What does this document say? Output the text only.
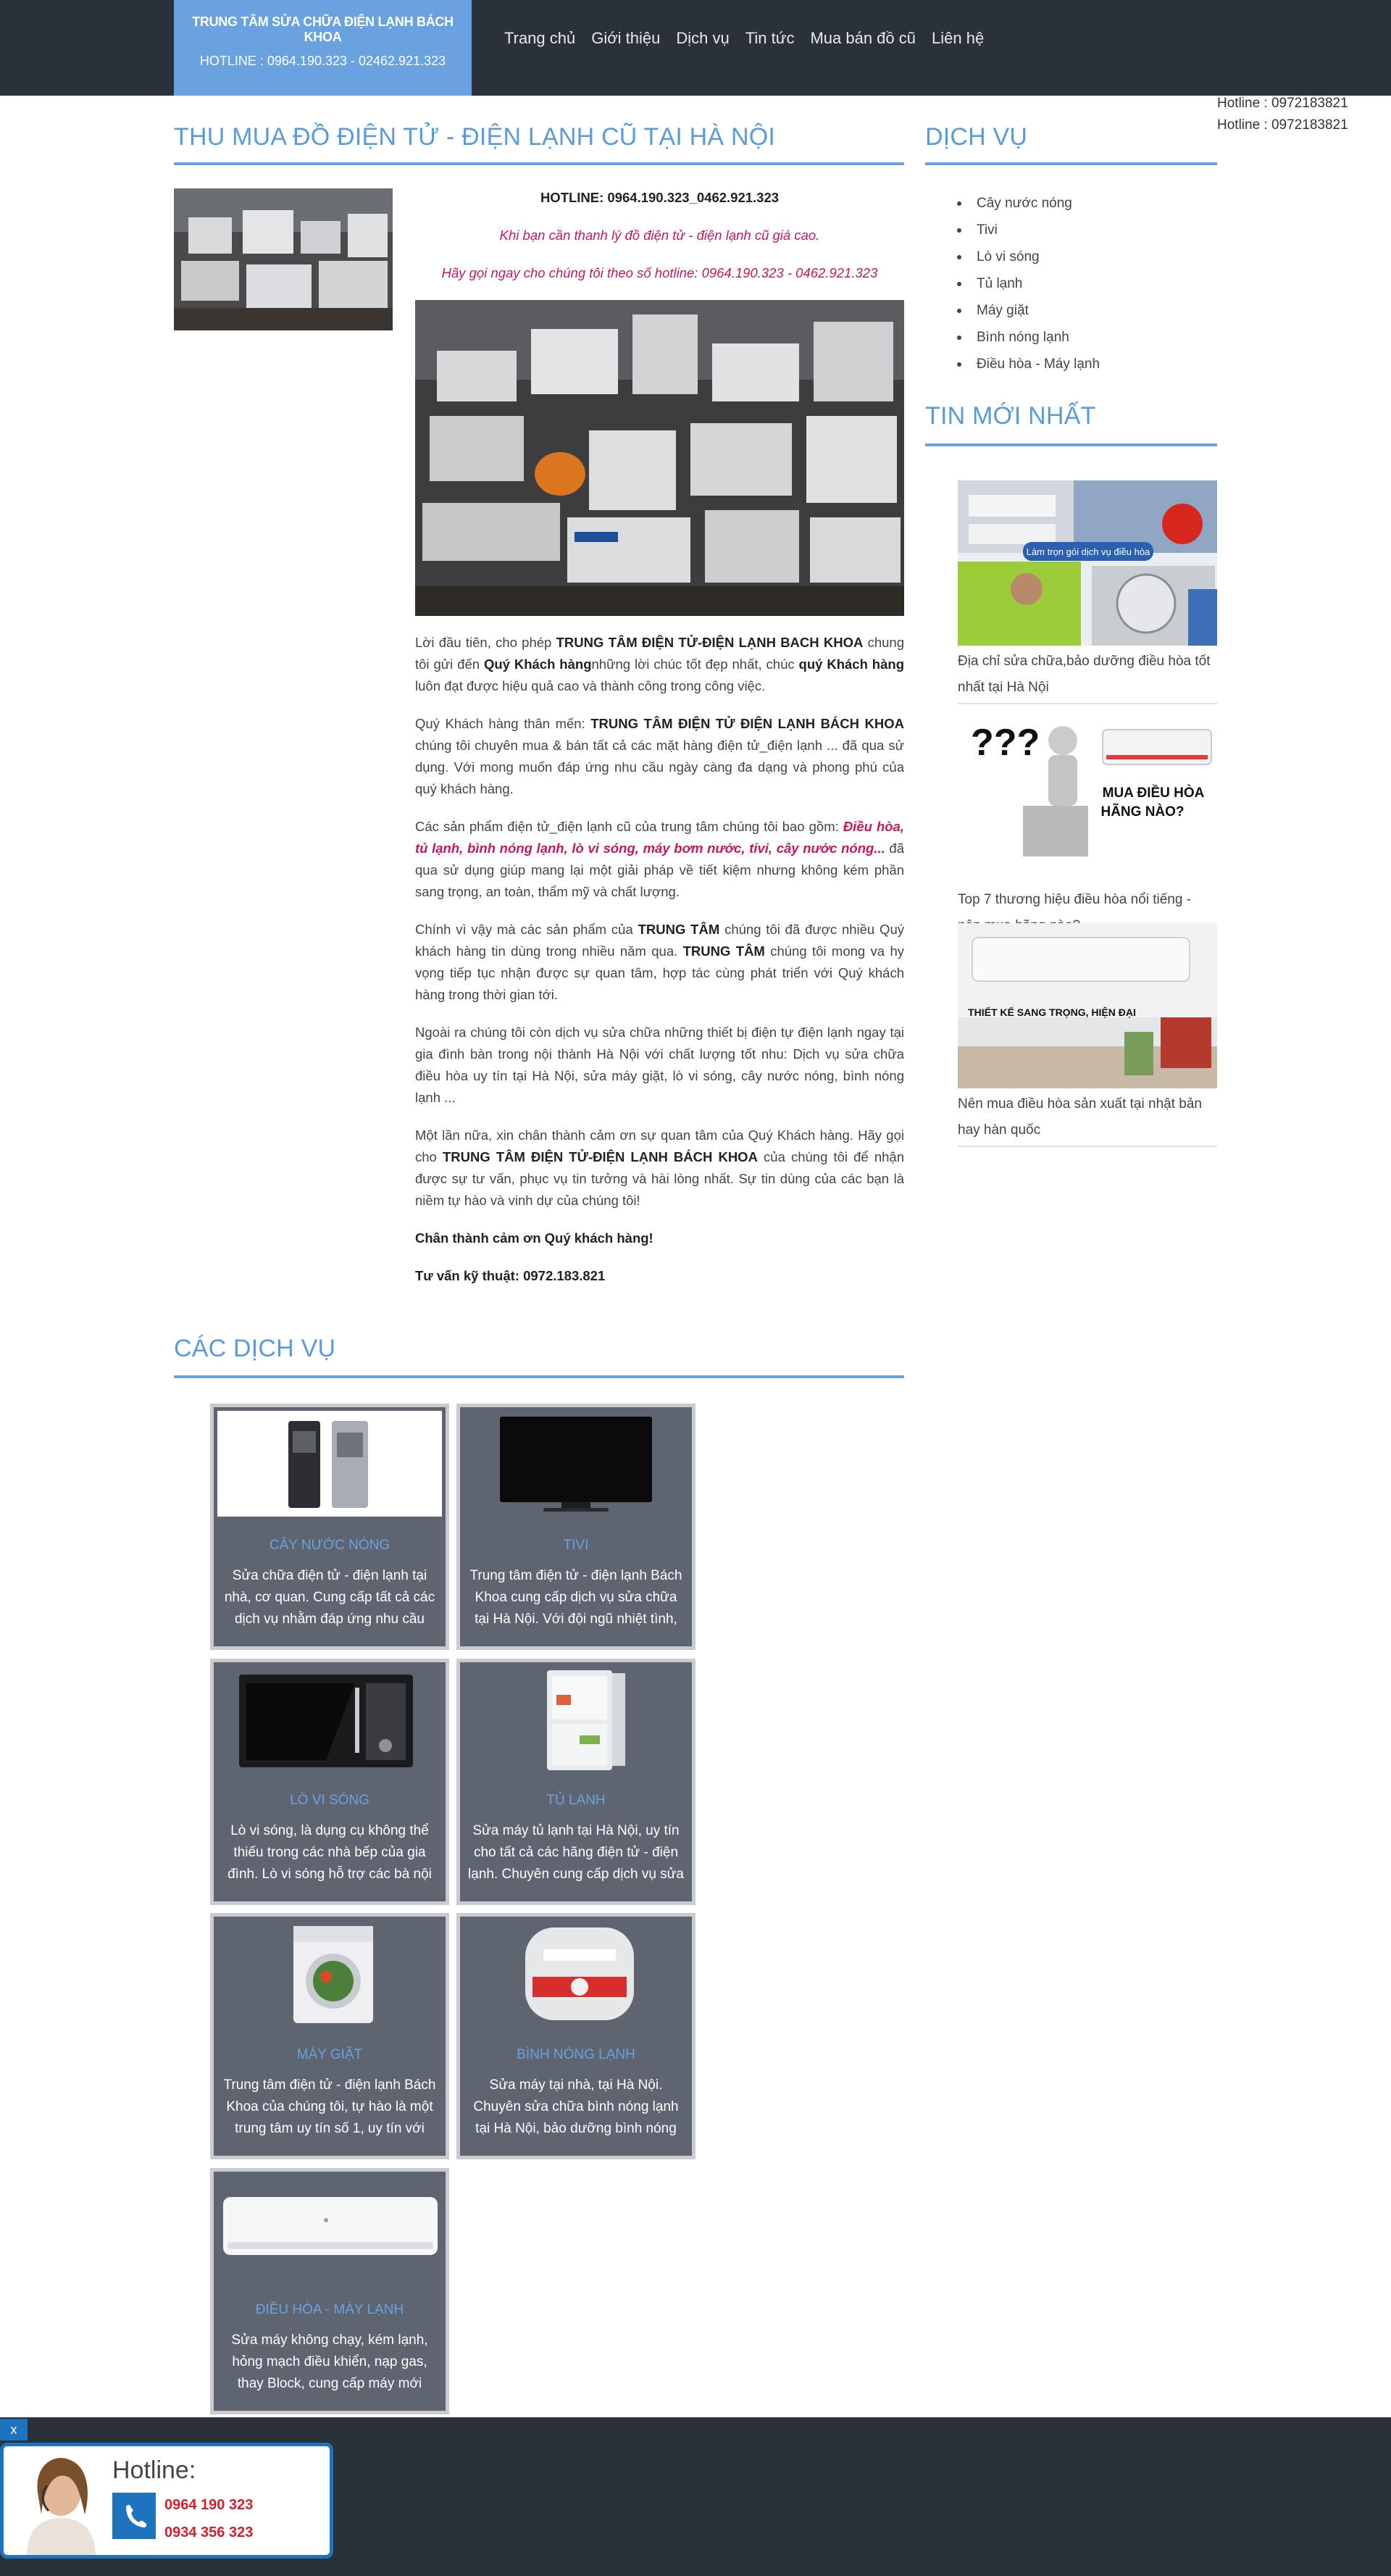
TRUNG TÂM SỬA CHỮA ĐIỆN LẠNH BÁCH KHOA
HOTLINE : 0964.190.323 - 02462.921.323
Trang chủ Giới thiệu Dịch vụ Tin tức Mua bán đồ cũ Liên hệ
Hotline : 0972183821
Hotline : 0972183821
THU MUA ĐỒ ĐIỆN TỬ - ĐIỆN LẠNH CŨ TẠI HÀ NỘI

HOTLINE: 0964.190.323_0462.921.323

Khi bạn cần thanh lý đồ điện tử - điện lạnh cũ giá cao.

Hãy gọi ngay cho chúng tôi theo số hotline: 0964.190.323 - 0462.921.323

Lời đầu tiên, cho phép TRUNG TÂM ĐIỆN TỬ-ĐIỆN LẠNH BACH KHOA chung tôi gửi đến Quý Khách hàngnhững lời chúc tốt đẹp nhất, chúc quý Khách hàng luôn đạt được hiệu quả cao và thành công trong công việc.

Quý Khách hàng thân mến: TRUNG TÂM ĐIỆN TỬ ĐIỆN LẠNH BÁCH KHOA chúng tôi chuyên mua & bán tất cả các mặt hàng điện tử_điện lạnh ... đã qua sử dụng. Với mong muốn đáp ứng nhu cầu ngày càng đa dạng và phong phú của quý khách hàng.

Các sản phẩm điện tử_điện lạnh cũ của trung tâm chúng tôi bao gồm: Điều hòa, tủ lạnh, bình nóng lạnh, lò vi sóng, máy bơm nước, tivi, cây nước nóng... đã qua sử dụng giúp mang lại một giải pháp về tiết kiệm nhưng không kém phần sang trọng, an toàn, thẩm mỹ và chất lượng.

Chính vì vậy mà các sản phẩm của TRUNG TÂM chúng tôi đã được nhiều Quý khách hàng tin dùng trong nhiều năm qua. TRUNG TÂM chúng tôi mong va hy vọng tiếp tục nhận được sự quan tâm, hợp tác cùng phát triển với Quý khách hàng trong thời gian tới.

Ngoài ra chúng tôi còn dịch vụ sửa chữa những thiết bị điện tự điện lạnh ngay tại gia đình bàn trong nội thành Hà Nội với chất lượng tốt nhu: Dịch vụ sửa chữa điều hòa uy tín tại Hà Nội, sửa máy giặt, lò vi sóng, cây nước nóng, bình nóng lạnh ...

Một lần nữa, xin chân thành cảm ơn sự quan tâm của Quý Khách hàng. Hãy gọi cho TRUNG TÂM ĐIỆN TỬ-ĐIỆN LẠNH BÁCH KHOA của chúng tôi để nhận được sự tư vấn, phục vụ tin tưởng và hài lòng nhất. Sự tin dùng của các bạn là niềm tự hào và vinh dự của chúng tôi!

Chân thành cảm ơn Quý khách hàng!

Tư vấn kỹ thuật: 0972.183.821

DỊCH VỤ
Cây nước nóng
Tivi
Lò vi sóng
Tủ lạnh
Máy giặt
Bình nóng lạnh
Điều hòa - Máy lạnh
TIN MỚI NHẤT
Làm trọn gói dịch vụ điều hòa
Địa chỉ sửa chữa,bảo dưỡng điều hòa tốt nhất tại Hà Nội
???
MUA ĐIỀU HÒA
HÃNG NÀO?
Top 7 thương hiệu điều hòa nổi tiếng -
THIẾT KẾ SANG TRỌNG, HIỆN ĐẠI
Nên mua điều hòa sản xuất tại nhật bản hay hàn quốc
CÁC DỊCH VỤ
CÂY NƯỚC NÓNG
Sửa chữa điện tử - điện lạnh tại nhà, cơ quan. Cung cấp tất cả các dịch vụ nhằm đáp ứng nhu cầu
TIVI
Trung tâm điện tử - điện lạnh Bách Khoa cung cấp dịch vụ sửa chữa tại Hà Nội. Với đội ngũ nhiệt tình,
LÒ VI SÓNG
Lò vi sóng, là dụng cụ không thể thiếu trong các nhà bếp của gia đình. Lò vi sóng hỗ trợ các bà nội
TỦ LẠNH
Sửa máy tủ lạnh tại Hà Nội, uy tín cho tất cả các hãng điện tử - điện lạnh. Chuyên cung cấp dịch vụ sửa
MÁY GIẶT
Trung tâm điện tử - điện lạnh Bách Khoa của chúng tôi, tự hào là một trung tâm uy tín số 1, uy tín với
BÌNH NÓNG LẠNH
Sửa máy tại nhà, tại Hà Nội. Chuyên sửa chữa bình nóng lạnh tại Hà Nội, bảo dưỡng bình nóng
ĐIỀU HÒA - MÁY LẠNH
Sửa máy không chạy, kém lạnh, hỏng mạch điều khiển, nạp gas, thay Block, cung cấp máy mới
x
Hotline:
0964 190 323
0934 356 323
